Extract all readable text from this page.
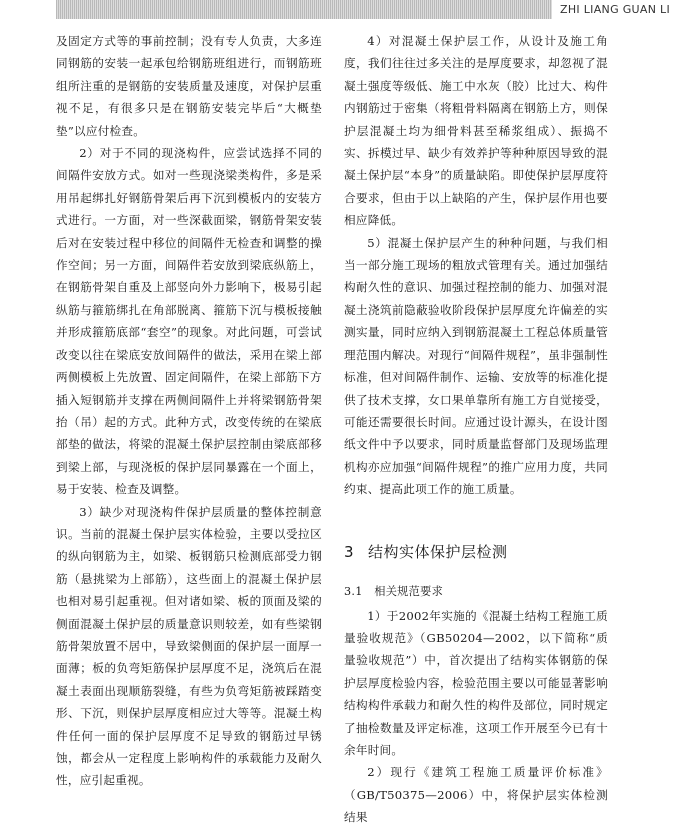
ZHI LIANG GUAN LI

及固定方式等的事前控制；没有专人负责，大多连同钢筋的安装一起承包给钢筋班组进行，而钢筋班组所注重的是钢筋的安装质量及速度，对保护层重视不足，有很多只是在钢筋安装完毕后“大概垫垫”以应付检查。

2）对于不同的现浇构件，应尝试选择不同的间隔件安放方式。如对一些现浇梁类构件，多是采用吊起绑扎好钢筋骨架后再下沉到模板内的安装方式进行。一方面，对一些深截面梁，钢筋骨架安装后对在安装过程中移位的间隔件无检查和调整的操作空间；另一方面，间隔件若安放到梁底纵筋上，在钢筋骨架自重及上部竖向外力影响下，极易引起纵筋与箍筋绑扎在角部脱离、箍筋下沉与模板接触并形成箍筋底部“套空”的现象。对此问题，可尝试改变以往在梁底安放间隔件的做法，采用在梁上部两侧模板上先放置、固定间隔件，在梁上部筋下方插入短钢筋并支撑在两侧间隔件上并将梁钢筋骨架抬（吊）起的方式。此种方式，改变传统的在梁底部垫的做法，将梁的混凝土保护层控制由梁底部移到梁上部，与现浇板的保护层同暴露在一个面上，易于安装、检查及调整。

3）缺少对现浇构件保护层质量的整体控制意识。当前的混凝土保护层实体检验，主要以受拉区的纵向钢筋为主，如梁、板钢筋只检测底部受力钢筋（悬挑梁为上部筋），这些面上的混凝土保护层也相对易引起重视。但对诸如梁、板的顶面及梁的侧面混凝土保护层的质量意识则较差，如有些梁钢筋骨架放置不居中，导致梁侧面的保护层一面厚一面薄；板的负弯矩筋保护层厚度不足，浇筑后在混凝土表面出现顺筋裂缝，有些为负弯矩筋被踩踏变形、下沉，则保护层厚度相应过大等等。混凝土构件任何一面的保护层厚度不足导致的钢筋过早锈蚀，都会从一定程度上影响构件的承载能力及耐久性，应引起重视。

4）对混凝土保护层工作，从设计及施工角度，我们往往过多关注的是厚度要求，却忽视了混凝土强度等级低、施工中水灰（胶）比过大、构件内钢筋过于密集（将粗骨料隔离在钢筋上方，则保护层混凝土均为细骨料甚至稀浆组成）、振捣不实、拆模过早、缺少有效养护等种种原因导致的混凝土保护层“本身”的质量缺陷。即使保护层厚度符合要求，但由于以上缺陷的产生，保护层作用也要相应降低。

5）混凝土保护层产生的种种问题，与我们相当一部分施工现场的粗放式管理有关。通过加强结构耐久性的意识、加强过程控制的能力、加强对混凝土浇筑前隐蔽验收阶段保护层厚度允许偏差的实测实量，同时应纳入到钢筋混凝土工程总体质量管理范围内解决。对现行“间隔件规程”，虽非强制性标准，但对间隔件制作、运输、安放等的标准化提供了技术支撑，女口果单靠所有施工方自觉接受，可能还需要很长时间。应通过设计源头，在设计图纸文件中予以要求，同时质量监督部门及现场监理机构亦应加强“间隔件规程”的推广应用力度，共同约束、提高此项工作的施工质量。

3 结构实体保护层检测
3.1　 相关规范要求

1）于2002年实施的《混凝土结构工程施工质量验收规范》（GB50204—2002，以下简称“质量验收规范”）中，首次提出了结构实体钢筋的保护层厚度检验内容，检验范围主要以可能显著影响结构构件承载力和耐久性的构件及部位，同时规定了抽检数量及评定标准，这项工作开展至今已有十余年时间。

2）现行《建筑工程施工质量评价标准》（GB/T50375—2006）中，将保护层实体检测结果
